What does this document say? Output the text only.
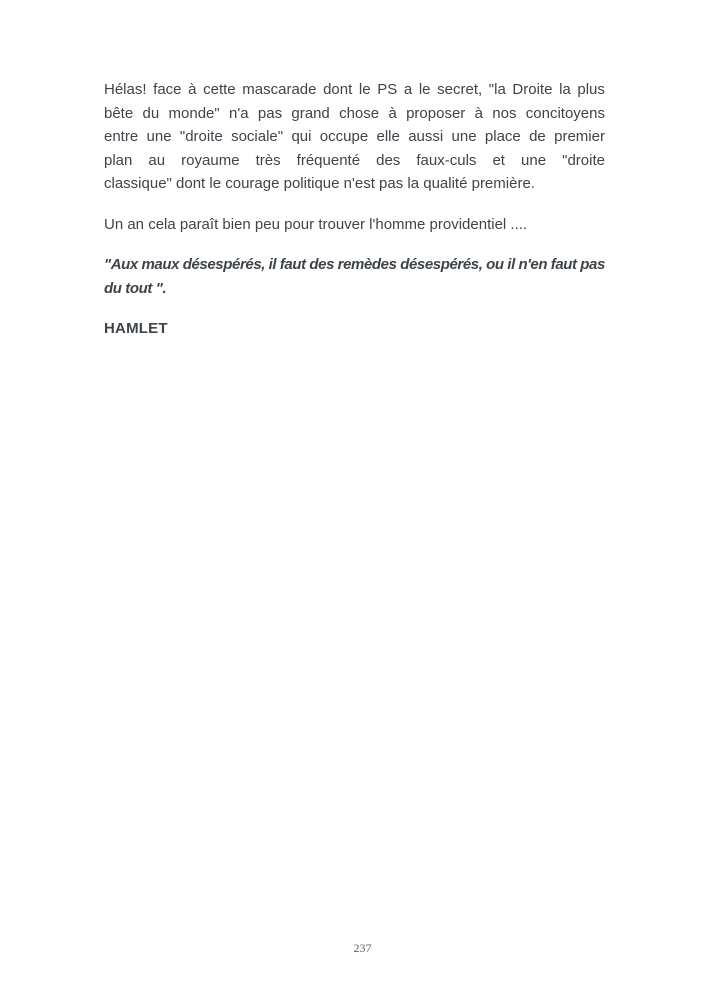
Hélas! face à cette mascarade dont le PS a le secret, "la Droite la plus
bête du monde" n'a pas grand chose à proposer à nos concitoyens
entre une "droite sociale" qui occupe elle aussi une place de premier
plan au royaume très fréquenté des faux-culs et une "droite
classique" dont le courage politique n'est pas la qualité première.

Un an cela paraît bien peu pour trouver l'homme providentiel ....

"Aux maux désespérés, il faut des remèdes désespérés, ou il n'en faut pas
du tout ".

HAMLET

237
